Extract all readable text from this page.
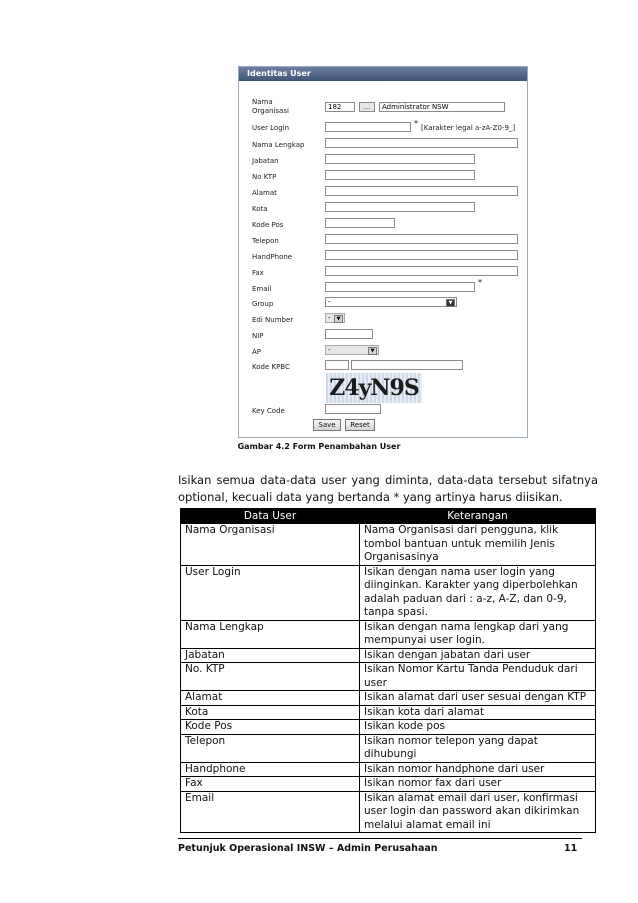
Identitas User
Nama
Organisasi	182	...	Administrator NSW
User Login	* [Karakter legal a-zA-Z0-9_]
Nama Lengkap
Jabatan
No KTP
Alamat
Kota
Kode Pos
Telepon
HandPhone
Fax
Email
*
Group	-	▼
Edi Number	-	▼
NIP
AP	-	▼
Kode KPBC
Z4yN9S
Key Code
Save	Reset
Gambar 4.2 Form Penambahan User
Isikan semua data-data user yang diminta, data-data tersebut sifatnya optional, kecuali data yang bertanda * yang artinya harus diisikan.
Data User	Keterangan
Nama Organisasi	Nama Organisasi dari pengguna, klik tombol bantuan untuk memilih Jenis Organisasinya
User Login	Isikan dengan nama user login yang diinginkan. Karakter yang diperbolehkan adalah paduan dari : a-z, A-Z, dan 0-9, tanpa spasi.
Nama Lengkap	Isikan dengan nama lengkap dari yang mempunyai user login.
Jabatan	Isikan dengan jabatan dari user
No. KTP	Isikan Nomor Kartu Tanda Penduduk dari user
Alamat	Isikan alamat dari user sesuai dengan KTP
Kota	Isikan kota dari alamat
Kode Pos	Isikan kode pos
Telepon	Isikan nomor telepon yang dapat dihubungi
Handphone	Isikan nomor handphone dari user
Fax	Isikan nomor fax dari user
Email	Isikan alamat email dari user, konfirmasi user login dan password akan dikirimkan melalui alamat email ini
Petunjuk Operasional INSW – Admin Perusahaan	11
